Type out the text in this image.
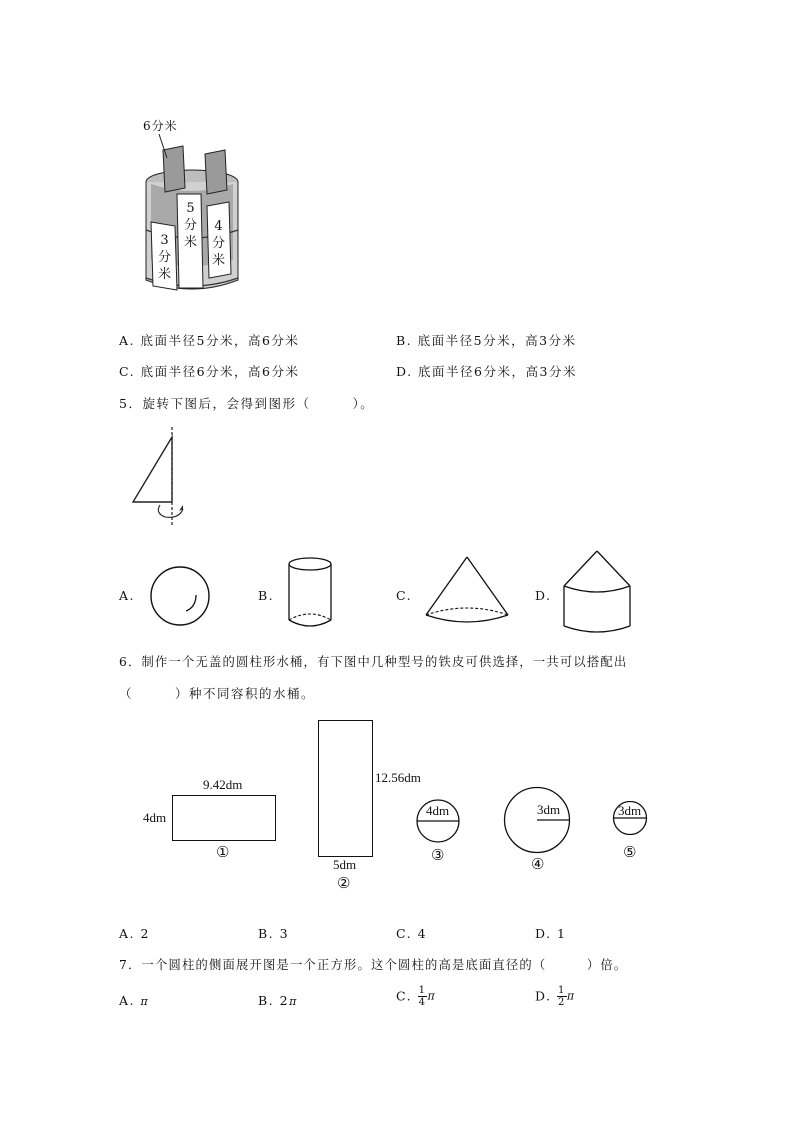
6分米
5
分
米
3
分
米
4
分
米
A. 底面半径5分米，高6分米	B. 底面半径5分米，高3分米
C. 底面半径6分米，高6分米	D. 底面半径6分米，高3分米
5．旋转下图后，会得到图形（　　　）。
A.	B.	C.	D.
6．制作一个无盖的圆柱形水桶，有下图中几种型号的铁皮可供选择，一共可以搭配出
（　　　）种不同容积的水桶。
9.42dm
4dm
①
12.56dm
5dm
②
4dm
③
3dm
④
3dm
⑤
A. 2	B. 3	C. 4	D. 1
7．一个圆柱的侧面展开图是一个正方形。这个圆柱的高是底面直径的（　　　）倍。
A. π	B. 2π	C. $\frac{1}{4}$ π	D. $\frac{1}{2}$ π
